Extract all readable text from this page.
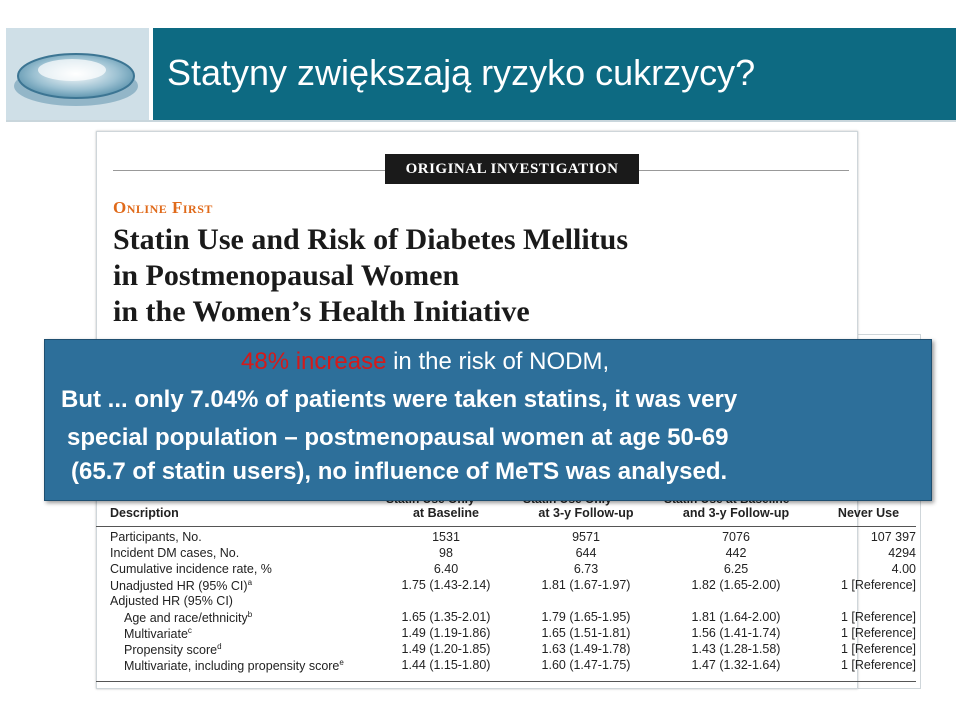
Statyny zwiększają ryzyko cukrzycy?
ORIGINAL INVESTIGATION
Online First
Statin Use and Risk of Diabetes Mellitus
in Postmenopausal Women
in the Women’s Health Initiative
Description	at Baseline	at 3-y Follow-up	and 3-y Follow-up	Never Use
Participants, No.	1531	9571	7076	107 397
Incident DM cases, No.	98	644	442	4294
Cumulative incidence rate, %	6.40	6.73	6.25	4.00
Unadjusted HR (95% CI)$^a$	1.75 (1.43-2.14)	1.81 (1.67-1.97)	1.82 (1.65-2.00)	1 [Reference]
Adjusted HR (95% CI)
Age and race/ethnicity$^b$	1.65 (1.35-2.01)	1.79 (1.65-1.95)	1.81 (1.64-2.00)	1 [Reference]
Multivariate$^c$	1.49 (1.19-1.86)	1.65 (1.51-1.81)	1.56 (1.41-1.74)	1 [Reference]
Propensity score$^d$	1.49 (1.20-1.85)	1.63 (1.49-1.78)	1.43 (1.28-1.58)	1 [Reference]
Multivariate, including propensity score$^e$	1.44 (1.15-1.80)	1.60 (1.47-1.75)	1.47 (1.32-1.64)	1 [Reference]
48% increase in the risk of NODM,
But ... only 7.04% of patients were taken statins, it was very
special population – postmenopausal women at age 50-69
(65.7 of statin users), no influence of MeTS was analysed.
